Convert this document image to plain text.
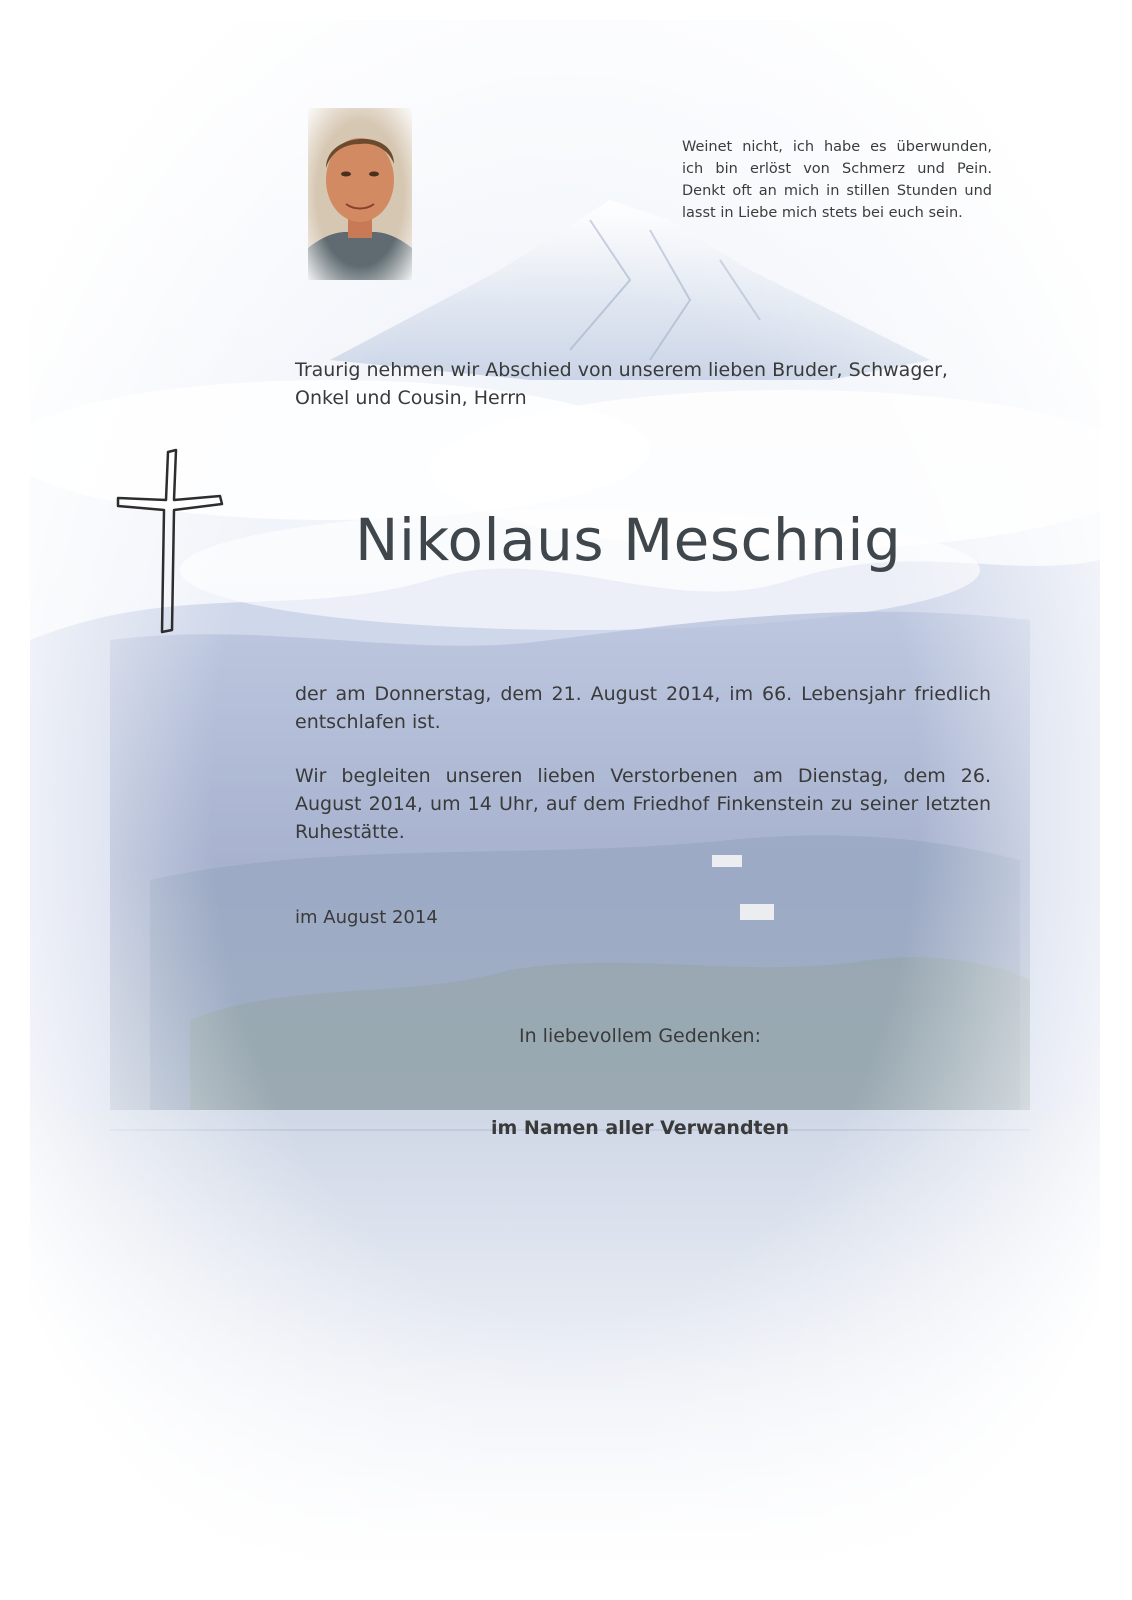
Weinet nicht, ich habe es überwunden,
ich bin erlöst von Schmerz und Pein.
Denkt oft an mich in stillen Stunden und
lasst in Liebe mich stets bei euch sein.
Traurig nehmen wir Abschied von unserem lieben Bruder, Schwager, Onkel und Cousin, Herrn
Nikolaus Meschnig
der am Donnerstag, dem 21. August 2014, im 66. Lebensjahr friedlich entschlafen ist.
Wir begleiten unseren lieben Verstorbenen am Dienstag, dem 26. August 2014, um 14 Uhr, auf dem Friedhof Finkenstein zu seiner letzten Ruhestätte.
im August 2014
In liebevollem Gedenken:
im Namen aller Verwandten
